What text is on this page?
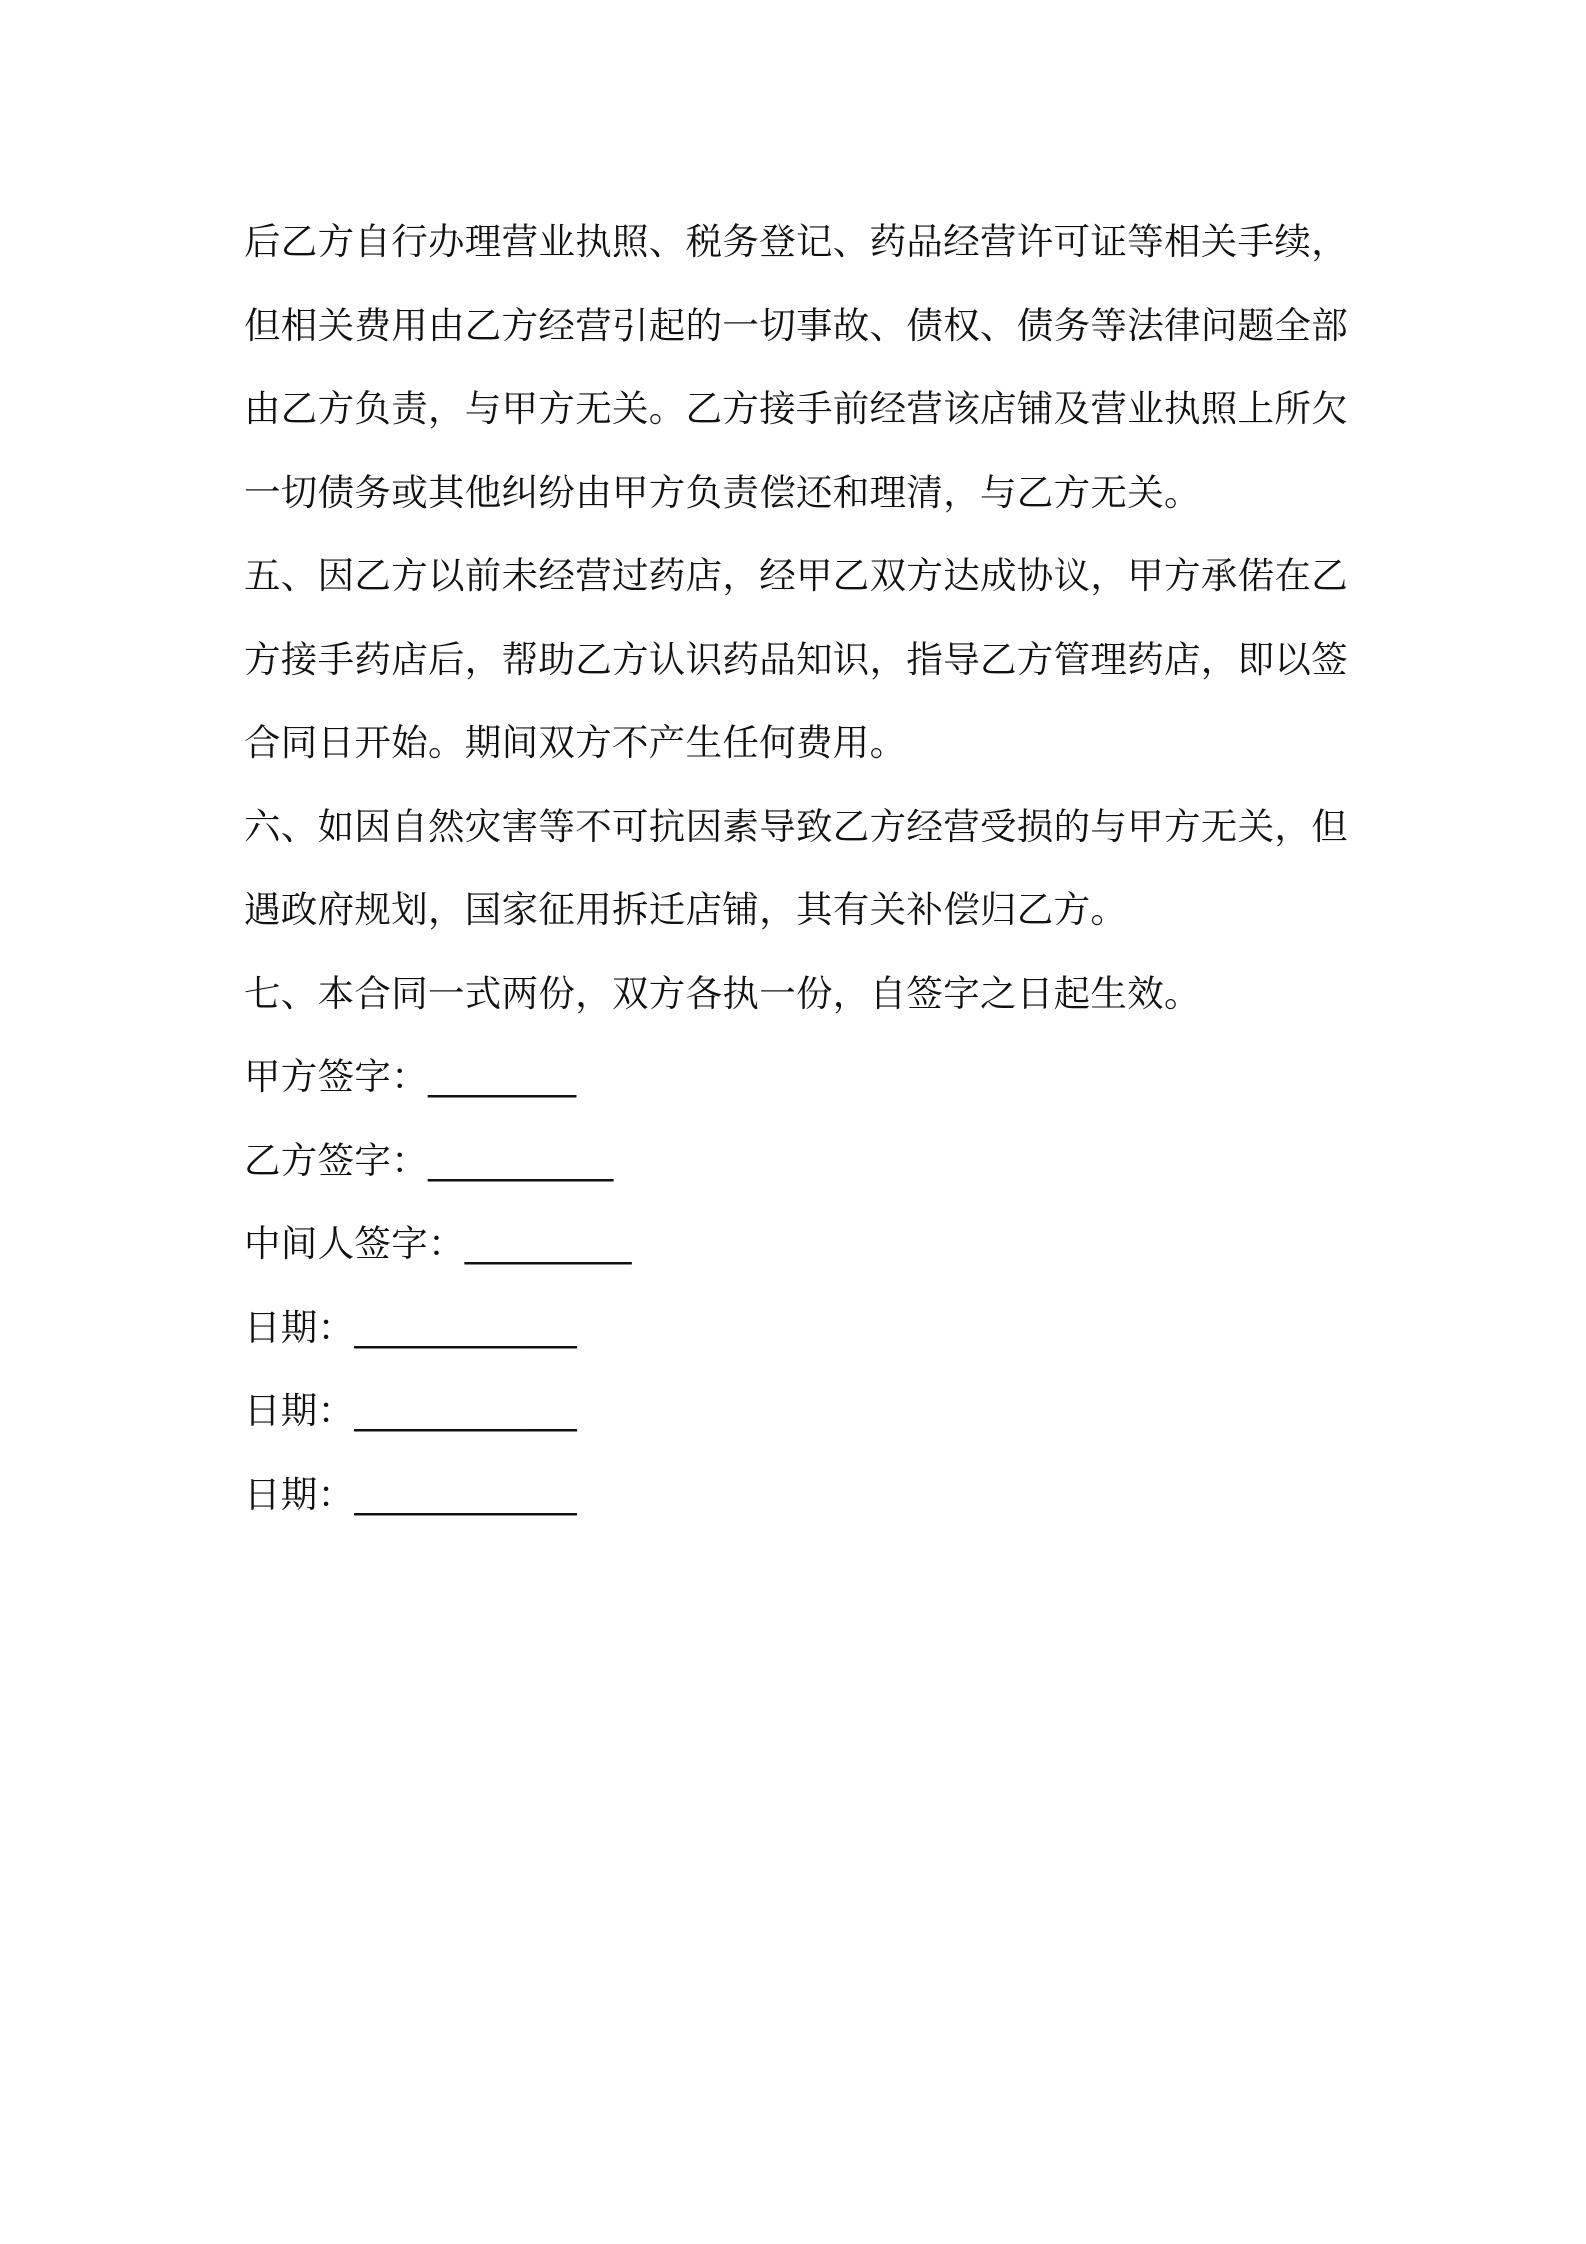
后乙方自行办理营业执照、税务登记、药品经营许可证等相关手续，
但相关费用由乙方经营引起的一切事故、债权、债务等法律问题全部
由乙方负责，与甲方无关。乙方接手前经营该店铺及营业执照上所欠
一切债务或其他纠纷由甲方负责偿还和理清，与乙方无关。
五、因乙方以前未经营过药店，经甲乙双方达成协议，甲方承偌在乙
方接手药店后，帮助乙方认识药品知识，指导乙方管理药店，即以签
合同日开始。期间双方不产生任何费用。
六、如因自然灾害等不可抗因素导致乙方经营受损的与甲方无关，但
遇政府规划，国家征用拆迁店铺，其有关补偿归乙方。
七、本合同一式两份，双方各执一份，自签字之日起生效。
甲方签字：________
乙方签字：__________
中间人签字：_________
日期：____________
日期：____________
日期：____________
